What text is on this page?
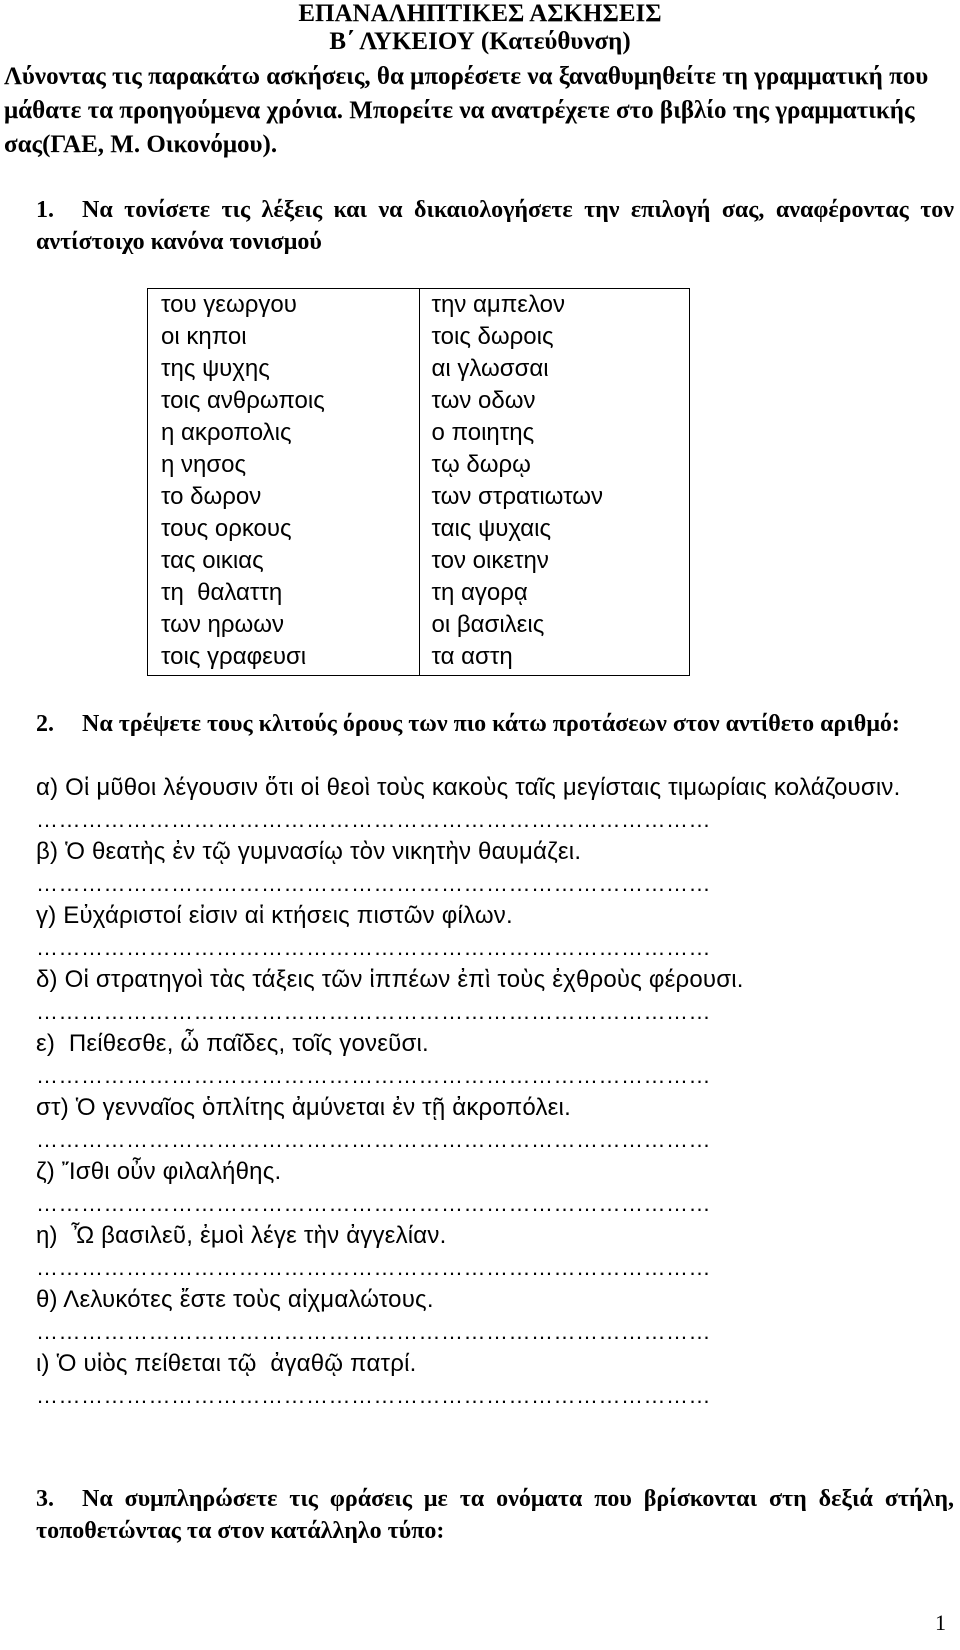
ΕΠΑΝΑΛΗΠΤΙΚΕΣ ΑΣΚΗΣΕΙΣ
Β΄ ΛΥΚΕΙΟΥ (Κατεύθυνση)
Λύνοντας τις παρακάτω ασκήσεις, θα μπορέσετε να ξαναθυμηθείτε τη γραμματική που μάθατε τα προηγούμενα χρόνια. Μπορείτε να ανατρέχετε στο βιβλίο της γραμματικής σας(ΓΑΕ, Μ. Οικονόμου).
1. Να τονίσετε τις λέξεις και να δικαιολογήσετε την επιλογή σας, αναφέροντας τον αντίστοιχο κανόνα τονισμού
του γεωργου
οι κηποι
της ψυχης
τοις ανθρωποις
η ακροπολις
η νησος
το δωρον
τους ορκους
τας οικιας
τη  θαλαττη
των ηρωων
τοις γραφευσι
την αμπελον
τοις δωροις
αι γλωσσαι
των οδων
ο ποιητης
τῳ δωρῳ
των στρατιωτων
ταις ψυχαις
τον οικετην
τη αγορᾳ
οι βασιλεις
τα αστη
2. Να τρέψετε τους κλιτούς όρους των πιο κάτω προτάσεων στον αντίθετο αριθμό:
α) Οἱ μῦθοι λέγουσιν ὅτι οἱ θεοὶ τοὺς κακοὺς ταῖς μεγίσταις τιμωρίαις κολάζουσιν.
………………………………………………………………………………
β) Ὁ θεατὴς ἐν τῷ γυμνασίῳ τὸν νικητὴν θαυμάζει.
………………………………………………………………………………
γ) Εὐχάριστοί εἰσιν αἱ κτήσεις πιστῶν φίλων.
………………………………………………………………………………
δ) Οἱ στρατηγοὶ τὰς τάξεις τῶν ἱππέων ἐπὶ τοὺς ἐχθροὺς φέρουσι.
………………………………………………………………………………
ε)  Πείθεσθε, ὦ παῖδες, τοῖς γονεῦσι.
………………………………………………………………………………
στ) Ὁ γενναῖος ὁπλίτης ἀμύνεται ἐν τῇ ἀκροπόλει.
………………………………………………………………………………
ζ) Ἴσθι οὖν φιλαλήθης.
………………………………………………………………………………
η)  Ὦ βασιλεῦ, ἐμοὶ λέγε τὴν ἀγγελίαν.
………………………………………………………………………………
θ) Λελυκότες ἔστε τοὺς αἰχμαλώτους.
………………………………………………………………………………
ι) Ὁ υἱὸς πείθεται τῷ  ἀγαθῷ πατρί.
………………………………………………………………………………
3. Να συμπληρώσετε τις φράσεις με τα ονόματα που βρίσκονται στη δεξιά στήλη, τοποθετώντας τα στον κατάλληλο τύπο:
1
